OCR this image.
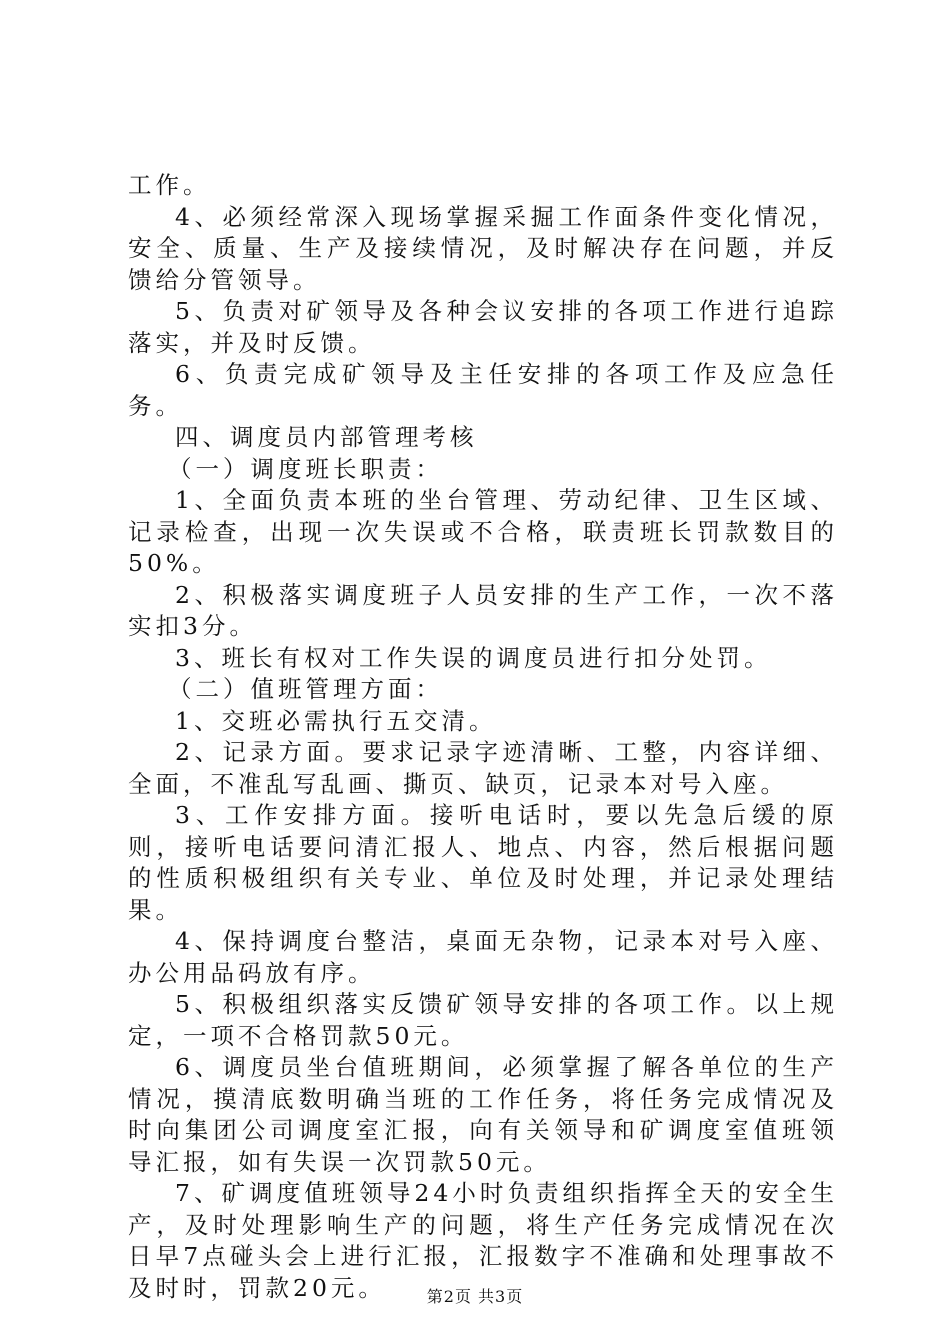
工作。

4、必须经常深入现场掌握采掘工作面条件变化情况，安全、质量、生产及接续情况，及时解决存在问题，并反馈给分管领导。

5、负责对矿领导及各种会议安排的各项工作进行追踪落实，并及时反馈。

6、负责完成矿领导及主任安排的各项工作及应急任务。

四、调度员内部管理考核

（一）调度班长职责：

1、全面负责本班的坐台管理、劳动纪律、卫生区域、记录检查，出现一次失误或不合格，联责班长罚款数目的50%。

2、积极落实调度班子人员安排的生产工作，一次不落实扣3分。

3、班长有权对工作失误的调度员进行扣分处罚。

（二）值班管理方面：

1、交班必需执行五交清。

2、记录方面。要求记录字迹清晰、工整，内容详细、全面，不准乱写乱画、撕页、缺页，记录本对号入座。

3、工作安排方面。接听电话时，要以先急后缓的原则，接听电话要问清汇报人、地点、内容，然后根据问题的性质积极组织有关专业、单位及时处理，并记录处理结果。

4、保持调度台整洁，桌面无杂物，记录本对号入座、办公用品码放有序。

5、积极组织落实反馈矿领导安排的各项工作。以上规定，一项不合格罚款50元。

6、调度员坐台值班期间，必须掌握了解各单位的生产情况，摸清底数明确当班的工作任务，将任务完成情况及时向集团公司调度室汇报，向有关领导和矿调度室值班领导汇报，如有失误一次罚款50元。

7、矿调度值班领导24小时负责组织指挥全天的安全生产，及时处理影响生产的问题，将生产任务完成情况在次日早7点碰头会上进行汇报，汇报数字不准确和处理事故不及时时，罚款20元。	第2页 共3页
